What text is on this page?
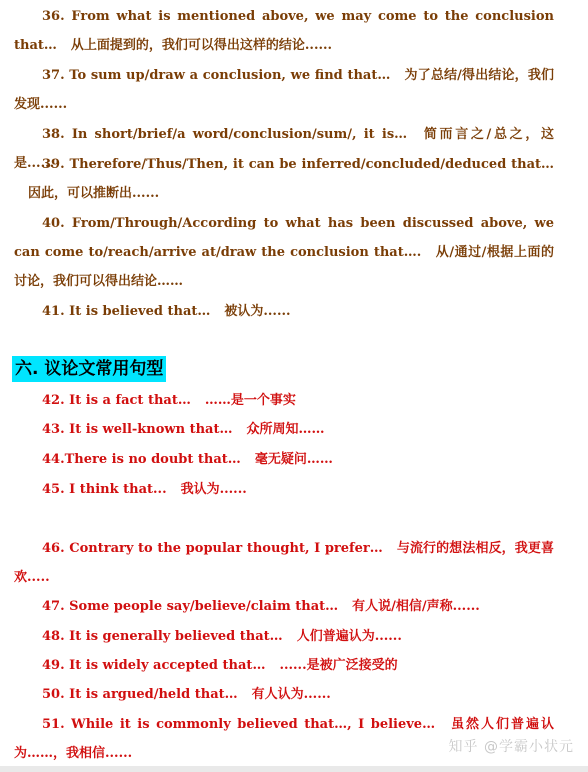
36. From what is mentioned above, we may come to the conclusion that… 从上面提到的，我们可以得出这样的结论......
37. To sum up/draw a conclusion, we find that… 为了总结/得出结论，我们发现......
38. In short/brief/a word/conclusion/sum/, it is… 简而言之/总之，这是......
39. Therefore/Thus/Then, it can be inferred/concluded/deduced that…因此，可以推断出......
40. From/Through/According to what has been discussed above, we can come to/reach/arrive at/draw the conclusion that…. 从/通过/根据上面的讨论，我们可以得出结论……
41. It is believed that… 被认为......
六. 议论文常用句型
42. It is a fact that… ……是一个事实
43. It is well-known that… 众所周知……
44.There is no doubt that… 毫无疑问……
45. I think that... 我认为......
46. Contrary to the popular thought, I prefer… 与流行的想法相反，我更喜欢.....
47. Some people say/believe/claim that… 有人说/相信/声称......
48. It is generally believed that… 人们普遍认为......
49. It is widely accepted that… ......是被广泛接受的
50. It is argued/held that… 有人认为......
51. While it is commonly believed that…, I believe… 虽然人们普遍认为……，我相信......	知乎 @学霸小状元
